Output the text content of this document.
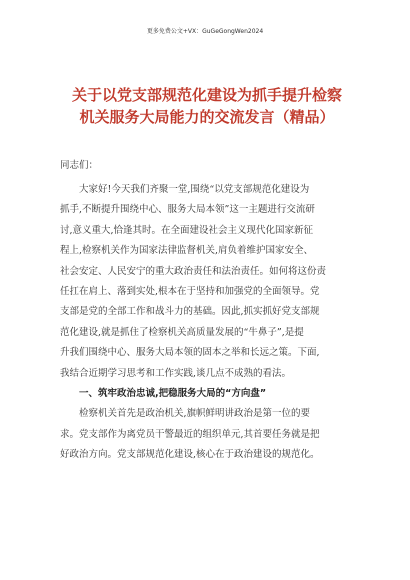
更多免费公文+VX：GuGeGongWen2024
关于以党支部规范化建设为抓手提升检察
机关服务大局能力的交流发言（精品）
同志们：
　　大家好!今天我们齐聚一堂,围绕“以党支部规范化建设为
抓手,不断提升围绕中心、服务大局本领”这一主题进行交流研
讨,意义重大,恰逢其时。在全面建设社会主义现代化国家新征
程上,检察机关作为国家法律监督机关,肩负着维护国家安全、
社会安定、人民安宁的重大政治责任和法治责任。如何将这份责
任扛在肩上、落到实处,根本在于坚持和加强党的全面领导。党
支部是党的全部工作和战斗力的基础。因此,抓实抓好党支部规
范化建设,就是抓住了检察机关高质量发展的“牛鼻子”,是提
升我们围绕中心、服务大局本领的固本之举和长远之策。下面,
我结合近期学习思考和工作实践,谈几点不成熟的看法。
　　一、筑牢政治忠诚,把稳服务大局的“方向盘”
　　检察机关首先是政治机关,旗帜鲜明讲政治是第一位的要
求。党支部作为离党员干警最近的组织单元,其首要任务就是把
好政治方向。党支部规范化建设,核心在于政治建设的规范化。
